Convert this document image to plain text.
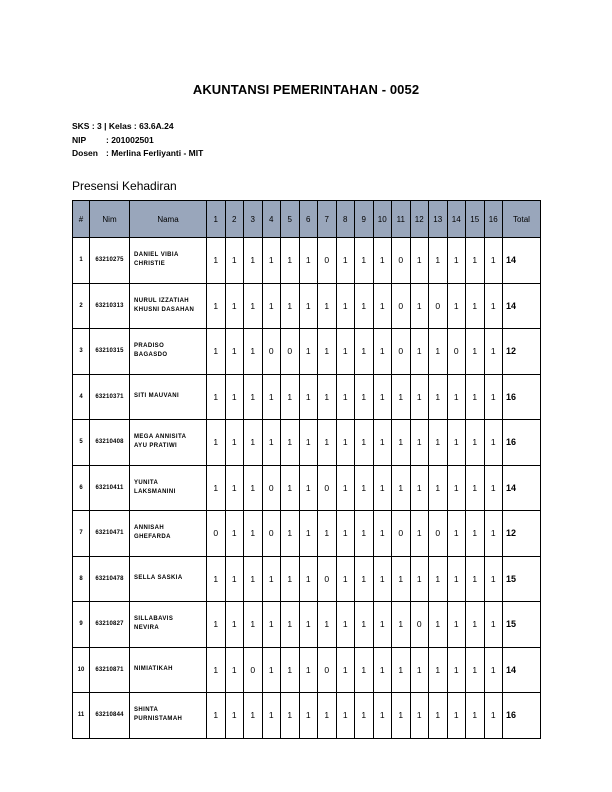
AKUNTANSI PEMERINTAHAN - 0052
SKS : 3 | Kelas : 63.6A.24
NIP	: 201002501
Dosen : Merlina Ferliyanti - MIT
Presensi Kehadiran
#	Nim	Nama	1	2	3	4	5	6	7	8	9	10	11	12	13	14	15	16	Total
1	63210275	DANIEL VIBIA
CHRISTIE	1	1	1	1	1	1	0	1	1	1	0	1	1	1	1	1	14
2	63210313	NURUL IZZATIAH
KHUSNI DASAHAN	1	1	1	1	1	1	1	1	1	1	0	1	0	1	1	1	14
3	63210315	PRADISO
BAGASDO	1	1	1	0	0	1	1	1	1	1	0	1	1	0	1	1	12
4	63210371	SITI MAUVANI	1	1	1	1	1	1	1	1	1	1	1	1	1	1	1	1	16
5	63210408	MEGA ANNISITA
AYU PRATIWI	1	1	1	1	1	1	1	1	1	1	1	1	1	1	1	1	16
6	63210411	YUNITA
LAKSMANINI	1	1	1	0	1	1	0	1	1	1	1	1	1	1	1	1	14
7	63210471	ANNISAH
GHEFARDA	0	1	1	0	1	1	1	1	1	1	0	1	0	1	1	1	12
8	63210478	SELLA SASKIA	1	1	1	1	1	1	0	1	1	1	1	1	1	1	1	1	15
9	63210827	SILLABAVIS
NEVIRA	1	1	1	1	1	1	1	1	1	1	1	0	1	1	1	1	15
10	63210871	NIMIATIKAH	1	1	0	1	1	1	0	1	1	1	1	1	1	1	1	1	14
11	63210844	SHINTA
PURNISTAMAH	1	1	1	1	1	1	1	1	1	1	1	1	1	1	1	1	16
